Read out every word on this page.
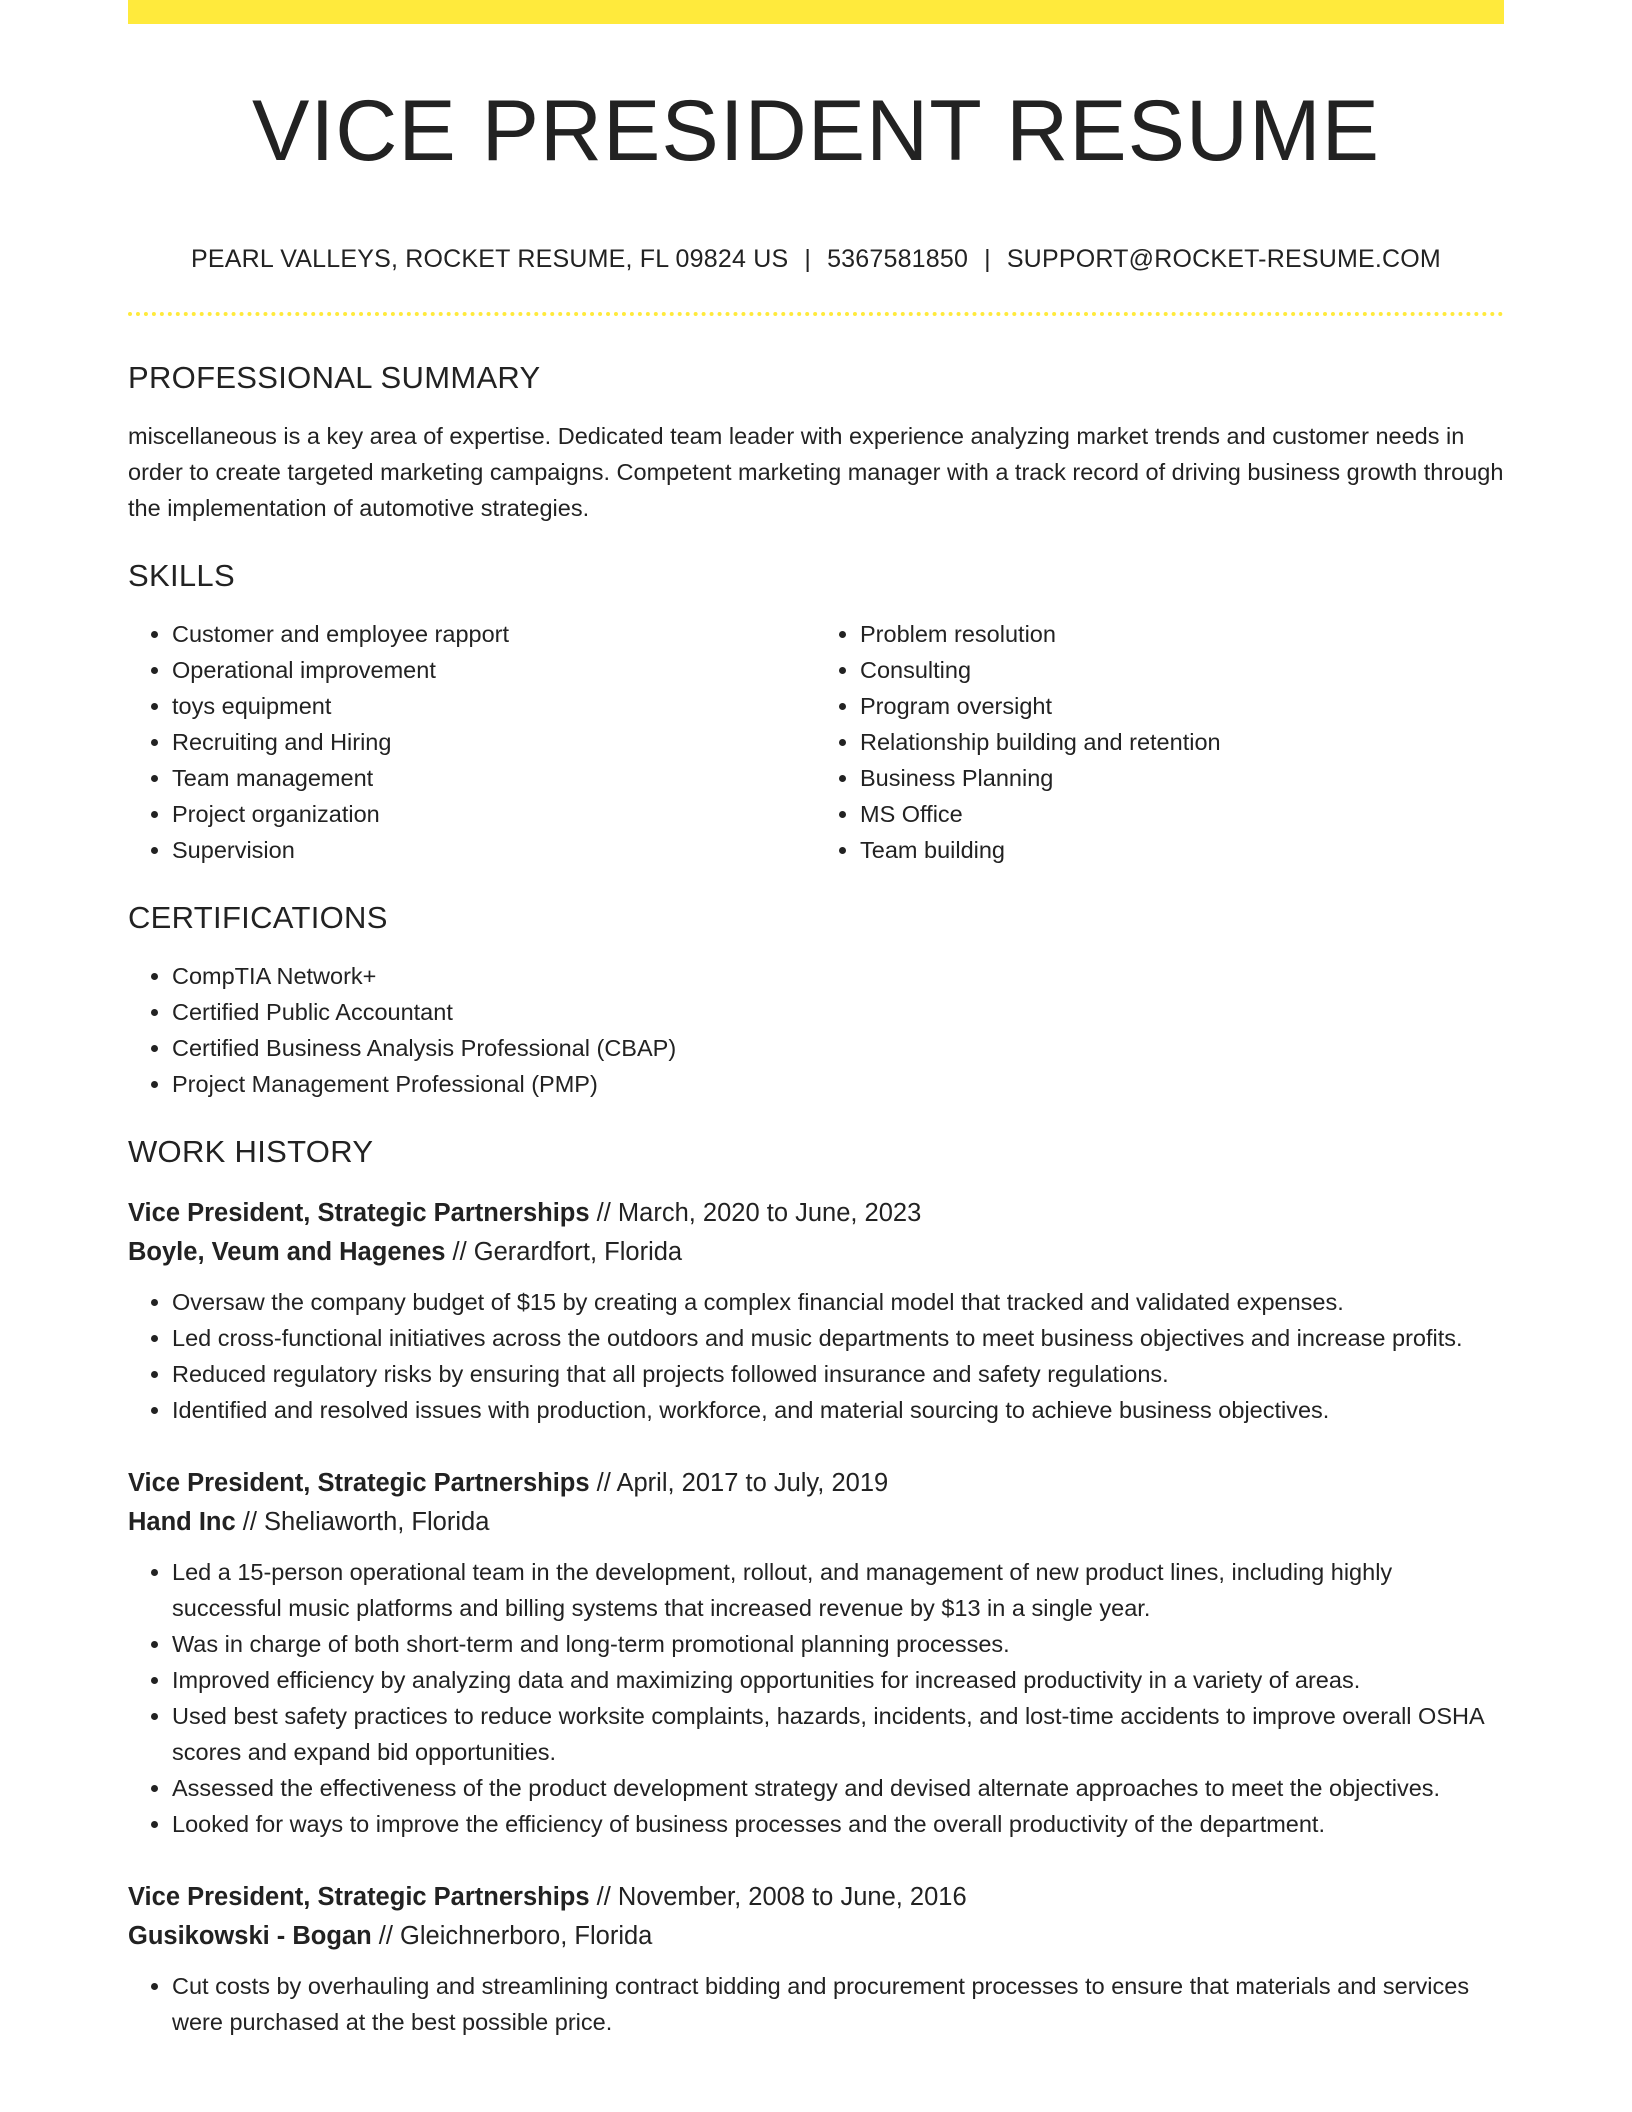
VICE PRESIDENT RESUME
PEARL VALLEYS, ROCKET RESUME, FL 09824 US | 5367581850 | SUPPORT@ROCKET-RESUME.COM
PROFESSIONAL SUMMARY
miscellaneous is a key area of expertise. Dedicated team leader with experience analyzing market trends and customer needs in order to create targeted marketing campaigns. Competent marketing manager with a track record of driving business growth through the implementation of automotive strategies.
SKILLS
• Customer and employee rapport
• Operational improvement
• toys equipment
• Recruiting and Hiring
• Team management
• Project organization
• Supervision
• Problem resolution
• Consulting
• Program oversight
• Relationship building and retention
• Business Planning
• MS Office
• Team building
CERTIFICATIONS
• CompTIA Network+
• Certified Public Accountant
• Certified Business Analysis Professional (CBAP)
• Project Management Professional (PMP)
WORK HISTORY
Vice President, Strategic Partnerships // March, 2020 to June, 2023
Boyle, Veum and Hagenes // Gerardfort, Florida
• Oversaw the company budget of $15 by creating a complex financial model that tracked and validated expenses.
• Led cross-functional initiatives across the outdoors and music departments to meet business objectives and increase profits.
• Reduced regulatory risks by ensuring that all projects followed insurance and safety regulations.
• Identified and resolved issues with production, workforce, and material sourcing to achieve business objectives.
Vice President, Strategic Partnerships // April, 2017 to July, 2019
Hand Inc // Sheliaworth, Florida
• Led a 15-person operational team in the development, rollout, and management of new product lines, including highly successful music platforms and billing systems that increased revenue by $13 in a single year.
• Was in charge of both short-term and long-term promotional planning processes.
• Improved efficiency by analyzing data and maximizing opportunities for increased productivity in a variety of areas.
• Used best safety practices to reduce worksite complaints, hazards, incidents, and lost-time accidents to improve overall OSHA scores and expand bid opportunities.
• Assessed the effectiveness of the product development strategy and devised alternate approaches to meet the objectives.
• Looked for ways to improve the efficiency of business processes and the overall productivity of the department.
Vice President, Strategic Partnerships // November, 2008 to June, 2016
Gusikowski - Bogan // Gleichnerboro, Florida
• Cut costs by overhauling and streamlining contract bidding and procurement processes to ensure that materials and services were purchased at the best possible price.
